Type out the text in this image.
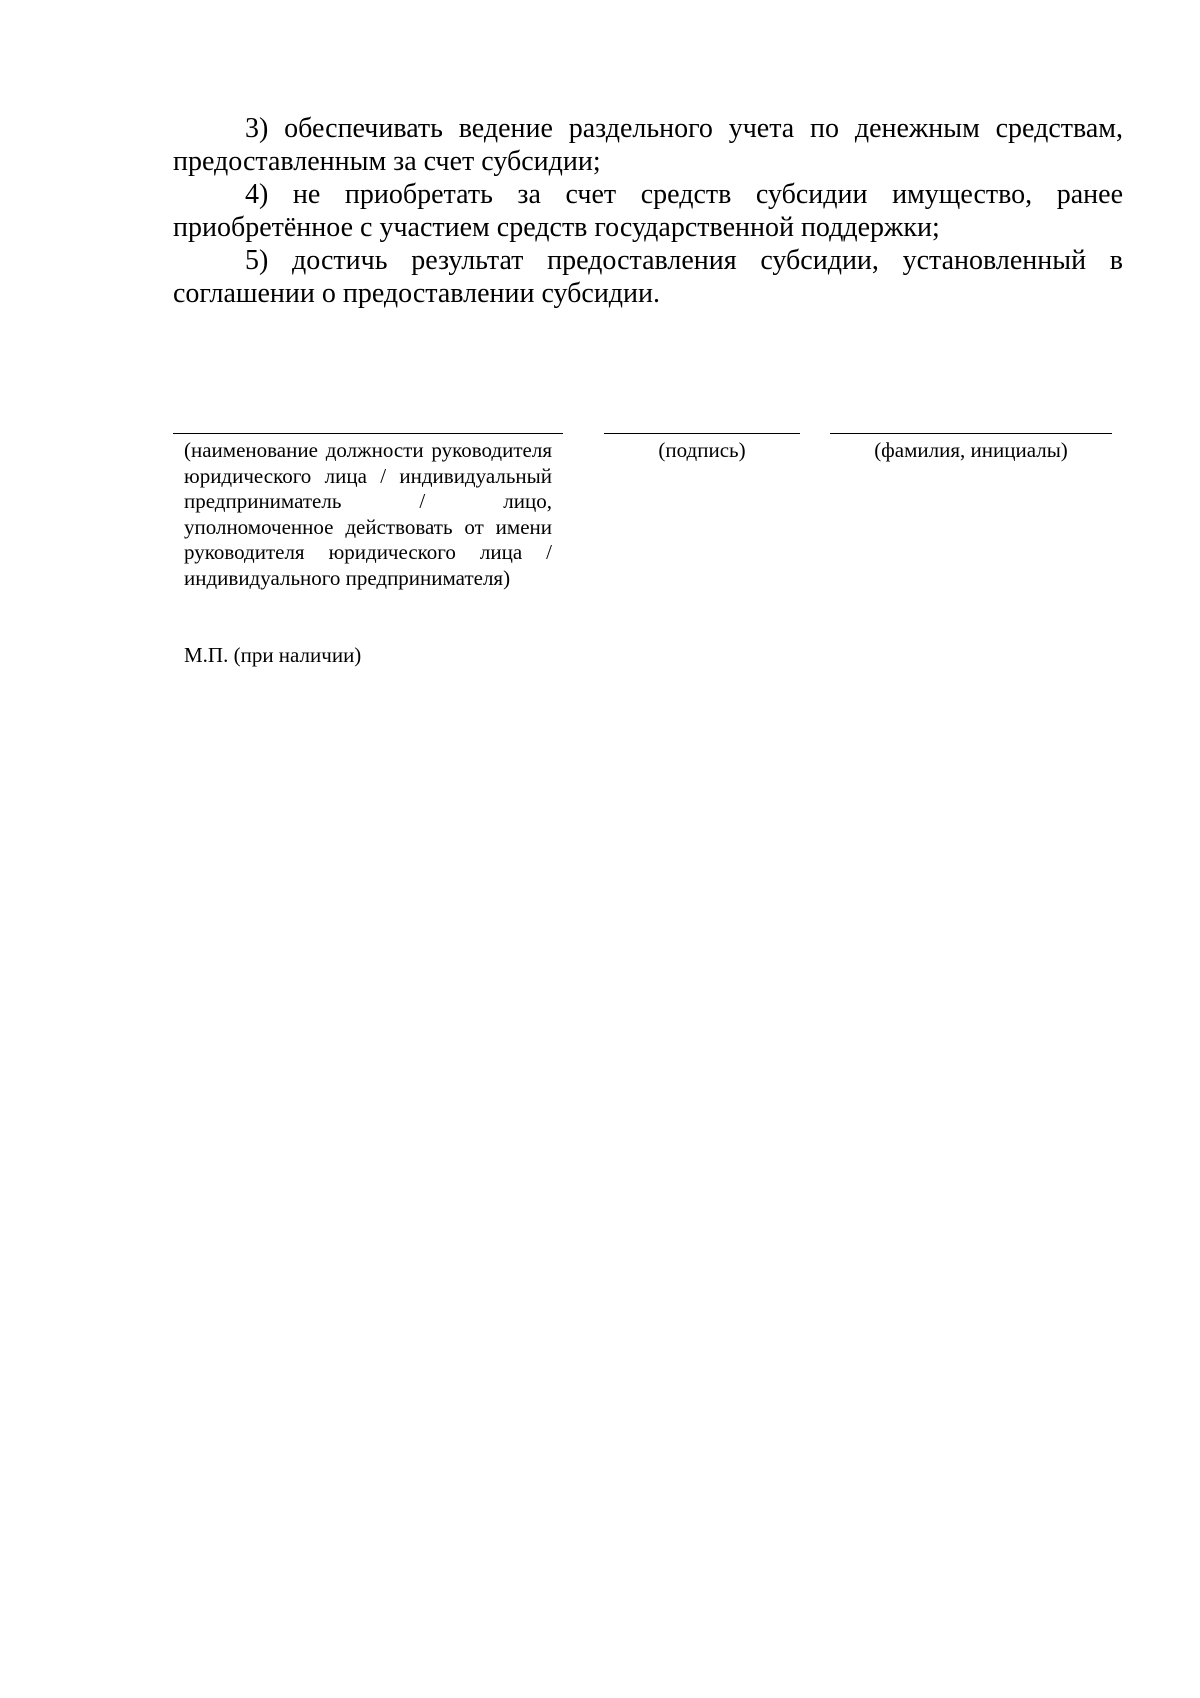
3) обеспечивать ведение раздельного учета по денежным средствам, предоставленным за счет субсидии;

4) не приобретать за счет средств субсидии имущество, ранее приобретённое с участием средств государственной поддержки;

5) достичь результат предоставления субсидии, установленный в соглашении о предоставлении субсидии.

(наименование должности руководителя юридического лица / индивидуальный предприниматель / лицо, уполномоченное действовать от имени руководителя юридического лица / индивидуального предпринимателя)
(подпись)	(фамилия, инициалы)
М.П. (при наличии)
